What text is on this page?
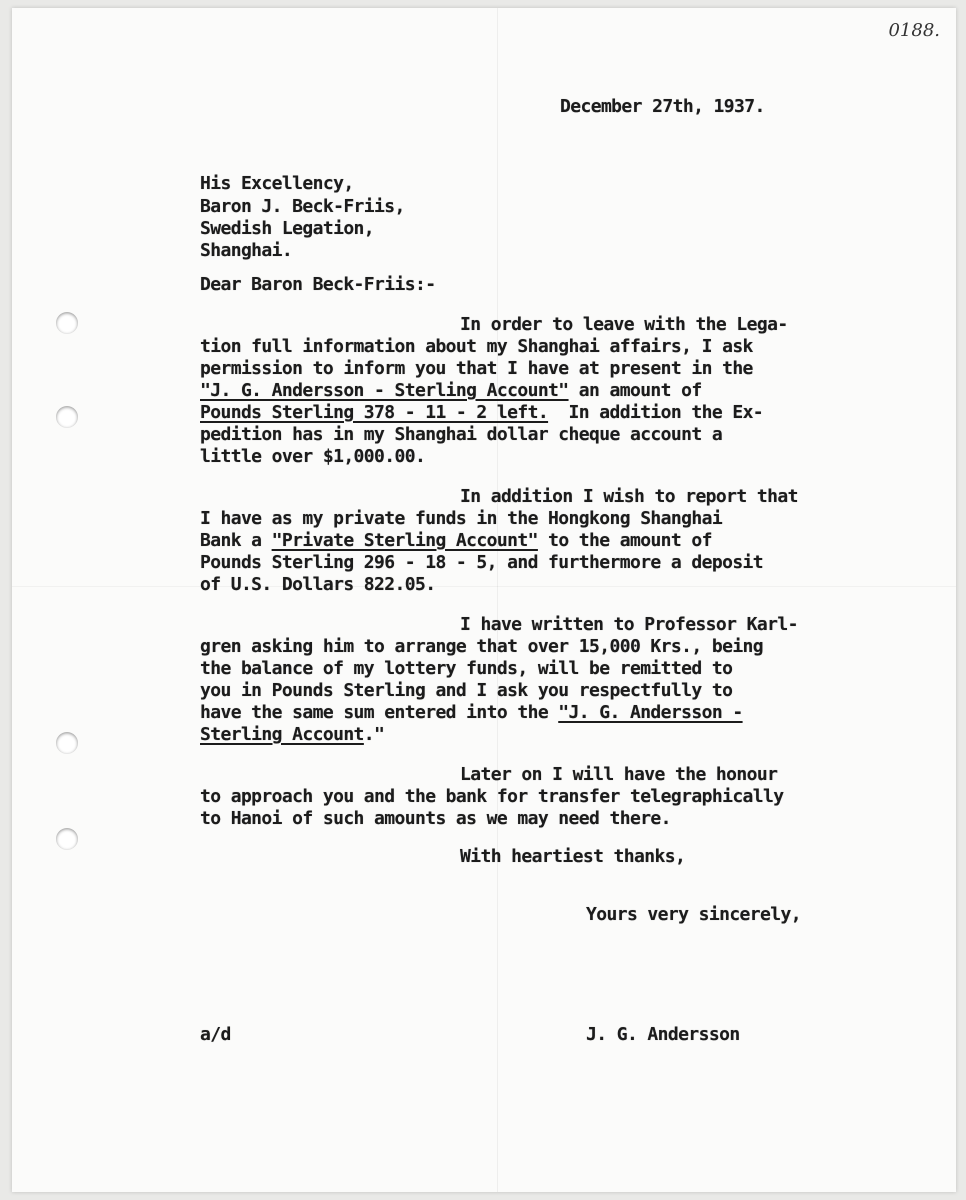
0188.
December 27th, 1937.
His Excellency,
Baron J. Beck-Friis,
Swedish Legation,
Shanghai.
Dear Baron Beck-Friis:-
In order to leave with the Lega-
tion full information about my Shanghai affairs, I ask
permission to inform you that I have at present in the
"J. G. Andersson - Sterling Account" an amount of
Pounds Sterling 378 - 11 - 2 left.  In addition the Ex-
pedition has in my Shanghai dollar cheque account a
little over $1,000.00.
In addition I wish to report that
I have as my private funds in the Hongkong Shanghai
Bank a "Private Sterling Account" to the amount of
Pounds Sterling 296 - 18 - 5, and furthermore a deposit
of U.S. Dollars 822.05.
I have written to Professor Karl-
gren asking him to arrange that over 15,000 Krs., being
the balance of my lottery funds, will be remitted to
you in Pounds Sterling and I ask you respectfully to
have the same sum entered into the "J. G. Andersson -
Sterling Account."
Later on I will have the honour
to approach you and the bank for transfer telegraphically
to Hanoi of such amounts as we may need there.
With heartiest thanks,
Yours very sincerely,
a/d	J. G. Andersson
